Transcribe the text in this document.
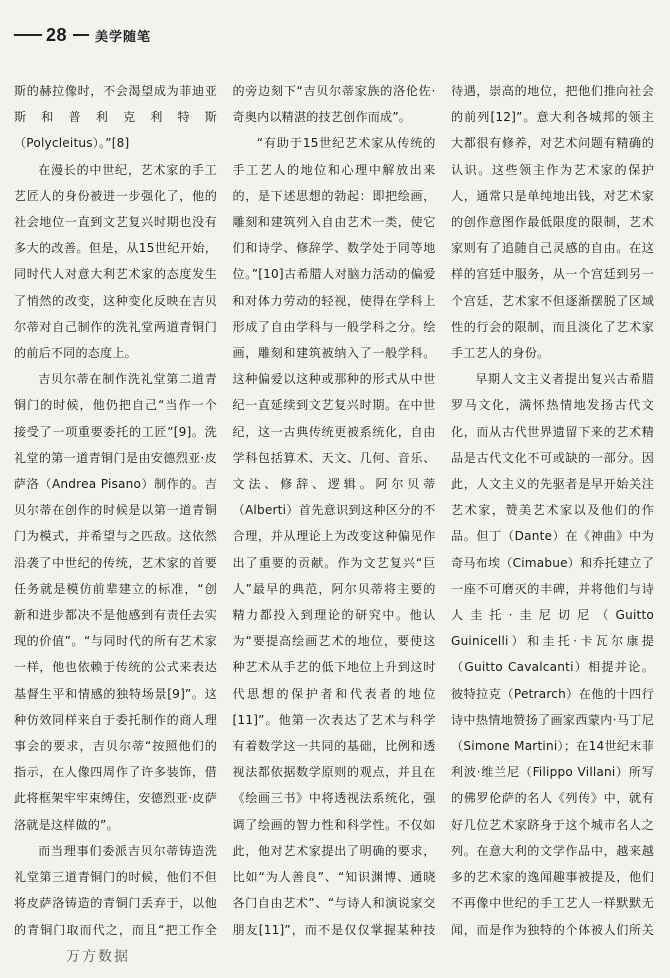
28 美学随笔

斯的赫拉像时，不会渴望成为菲迪亚斯和普利克利特斯（Polycleitus）。”[8]

在漫长的中世纪，艺术家的手工艺匠人的身份被进一步强化了，他的社会地位一直到文艺复兴时期也没有多大的改善。但是，从15世纪开始，同时代人对意大利艺术家的态度发生了悄然的改变，这种变化反映在吉贝尔蒂对自己制作的洗礼堂两道青铜门的前后不同的态度上。

吉贝尔蒂在制作洗礼堂第二道青铜门的时候，他仍把自己“当作一个接受了一项重要委托的工匠”[9]。洗礼堂的第一道青铜门是由安德烈亚·皮萨洛（Andrea Pisano）制作的。吉贝尔蒂在创作的时候是以第一道青铜门为模式，并希望与之匹敌。这依然沿袭了中世纪的传统，艺术家的首要任务就是模仿前辈建立的标准，“创新和进步都决不是他感到有责任去实现的价值”。“与同时代的所有艺术家一样，他也依赖于传统的公式来表达基督生平和情感的独特场景[9]”。这种仿效同样来自于委托制作的商人理事会的要求，吉贝尔蒂“按照他们的指示，在人像四周作了许多装饰，借此将框架牢牢束缚住，安德烈亚·皮萨洛就是这样做的”。

而当理事们委派吉贝尔蒂铸造洗礼堂第三道青铜门的时候，他们不但将皮萨洛铸造的青铜门丢弃于，以他的青铜门取而代之，而且“把工作全

的旁边刻下“吉贝尔蒂家族的洛伦佐·奇奥内以精湛的技艺创作而成”。

“有助于15世纪艺术家从传统的手工艺人的地位和心理中解放出来的，是下述思想的勃起：即把绘画，雕刻和建筑列入自由艺术一类，使它们和诗学、修辞学、数学处于同等地位。”[10]古希腊人对脑力活动的偏爱和对体力劳动的轻视，使得在学科上形成了自由学科与一般学科之分。绘画，雕刻和建筑被纳入了一般学科。这种偏爱以这种或那种的形式从中世纪一直延续到文艺复兴时期。在中世纪，这一古典传统更被系统化，自由学科包括算术、天文、几何、音乐、文法、修辞、逻辑。阿尔贝蒂（Alberti）首先意识到这种区分的不合理，并从理论上为改变这种偏见作出了重要的贡献。作为文艺复兴“巨人”最早的典范，阿尔贝蒂将主要的精力都投入到理论的研究中。他认为“要提高绘画艺术的地位，要使这种艺术从手艺的低下地位上升到这时代思想的保护者和代表者的地位[11]”。他第一次表达了艺术与科学有着数学这一共同的基础，比例和透视法都依据数学原则的观点，并且在《绘画三书》中将透视法系统化，强调了绘画的智力性和科学性。不仅如此，他对艺术家提出了明确的要求，比如“为人善良”、“知识渊博、通晓各门自由艺术”、“与诗人和演说家交朋友[11]”，而不是仅仅掌握某种技

待遇，崇高的地位，把他们推向社会的前列[12]”。意大利各城邦的领主大都很有修养，对艺术问题有精确的认识。这些领主作为艺术家的保护人，通常只是单纯地出钱，对艺术家的创作意图作最低限度的限制，艺术家则有了追随自己灵感的自由。在这样的宫廷中服务，从一个宫廷到另一个宫廷，艺术家不但逐渐摆脱了区域性的行会的限制，而且淡化了艺术家手工艺人的身份。

早期人文主义者提出复兴古希腊罗马文化，满怀热情地发扬古代文化，而从古代世界遗留下来的艺术精品是古代文化不可或缺的一部分。因此，人文主义的先驱者是早开始关注艺术家，赞美艺术家以及他们的作品。但丁（Dante）在《神曲》中为奇马布埃（Cimabue）和乔托建立了一座不可磨灭的丰碑，并将他们与诗人圭托·圭尼切尼（Guitto Guinicelli）和圭托·卡瓦尔康提（Guitto Cavalcanti）相提并论。彼特拉克（Petrarch）在他的十四行诗中热情地赞扬了画家西蒙内·马丁尼（Simone Martini）；在14世纪末菲利波·维兰尼（Filippo Villani）所写的佛罗伦萨的名人《列传》中，就有好几位艺术家跻身于这个城市名人之列。在意大利的文学作品中，越来越多的艺术家的逸闻趣事被提及，他们不再像中世纪的手工艺人一样默默无闻，而是作为独特的个体被人们所关

万方数据
